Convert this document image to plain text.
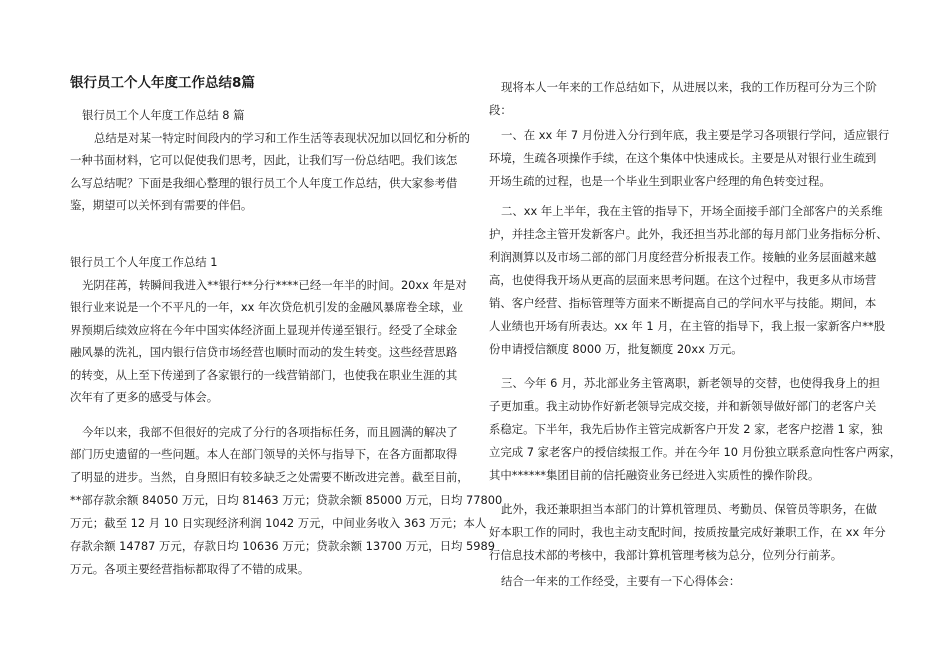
银行员工个人年度工作总结8篇
银行员工个人年度工作总结 8 篇
总结是对某一特定时间段内的学习和工作生活等表现状况加以回忆和分析的
一种书面材料，它可以促使我们思考，因此，让我们写一份总结吧。我们该怎
么写总结呢？下面是我细心整理的银行员工个人年度工作总结，供大家参考借
鉴，期望可以关怀到有需要的伴侣。
银行员工个人年度工作总结 1
光阴荏苒，转瞬间我进入**银行**分行****已经一年半的时间。20xx 年是对
银行业来说是一个不平凡的一年，xx 年次贷危机引发的金融风暴席卷全球，业
界预期后续效应将在今年中国实体经济面上显现并传递至银行。经受了全球金
融风暴的洗礼，国内银行信贷市场经营也顺时而动的发生转变。这些经营思路
的转变，从上至下传递到了各家银行的一线营销部门，也使我在职业生涯的其
次年有了更多的感受与体会。
今年以来，我部不但很好的完成了分行的各项指标任务，而且圆满的解决了
部门历史遗留的一些问题。本人在部门领导的关怀与指导下，在各方面都取得
了明显的进步。当然，自身照旧有较多缺乏之处需要不断改进完善。截至目前，
**部存款余额 84050 万元，日均 81463 万元；贷款余额 85000 万元，日均 77800
万元；截至 12 月 10 日实现经济利润 1042 万元，中间业务收入 363 万元；本人
存款余额 14787 万元，存款日均 10636 万元；贷款余额 13700 万元，日均 5989
万元。各项主要经营指标都取得了不错的成果。
现将本人一年来的工作总结如下，从进展以来，我的工作历程可分为三个阶
段：
一、在 xx 年 7 月份进入分行到年底，我主要是学习各项银行学问，适应银行
环境，生疏各项操作手续，在这个集体中快速成长。主要是从对银行业生疏到
开场生疏的过程，也是一个毕业生到职业客户经理的角色转变过程。
二、xx 年上半年，我在主管的指导下，开场全面接手部门全部客户的关系维
护，并挂念主管开发新客户。此外，我还担当苏北部的每月部门业务指标分析、
利润测算以及市场二部的部门月度经营分析报表工作。接触的业务层面越来越
高，也使得我开场从更高的层面来思考问题。在这个过程中，我更多从市场营
销、客户经营、指标管理等方面来不断提高自己的学问水平与技能。期间，本
人业绩也开场有所表达。xx 年 1 月，在主管的指导下，我上报一家新客户**股
份申请授信额度 8000 万，批复额度 20xx 万元。
三、今年 6 月，苏北部业务主管离职，新老领导的交替，也使得我身上的担
子更加重。我主动协作好新老领导完成交接，并和新领导做好部门的老客户关
系稳定。下半年，我先后协作主管完成新客户开发 2 家，老客户挖潜 1 家，独
立完成 7 家老客户的授信续报工作。并在今年 10 月份独立联系意向性客户两家，
其中******集团目前的信托融资业务已经进入实质性的操作阶段。
此外，我还兼职担当本部门的计算机管理员、考勤员、保管员等职务，在做
好本职工作的同时，我也主动支配时间，按质按量完成好兼职工作，在 xx 年分
行信息技术部的考核中，我部计算机管理考核为总分，位列分行前茅。
结合一年来的工作经受，主要有一下心得体会：
